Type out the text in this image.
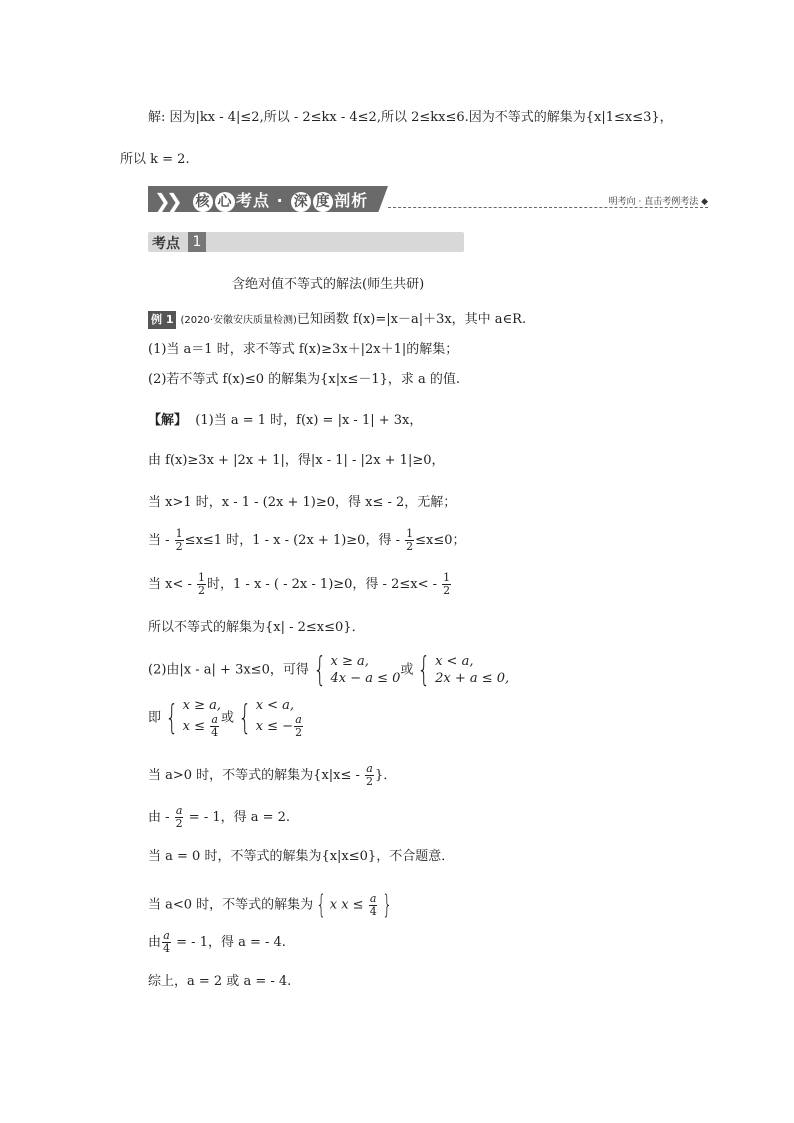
解: 因为|kx - 4|≤2,所以 - 2≤kx - 4≤2,所以 2≤kx≤6.因为不等式的解集为{x|1≤x≤3}，
所以 k = 2.
❯
❯ 核 心 考点 · 深 度 剖析	明考向 · 直击考例考法 ◆
考点 1
含绝对值不等式的解法(师生共研)
例 1 (2020·安徽安庆质量检测)已知函数 f(x)=|x－a|＋3x，其中 a∈R.
(1)当 a＝1 时，求不等式 f(x)≥3x＋|2x＋1|的解集；
(2)若不等式 f(x)≤0 的解集为{x|x≤－1}，求 a 的值.
【解】 (1)当 a = 1 时，f(x) = |x - 1| + 3x，
由 f(x)≥3x + |2x + 1|，得|x - 1| - |2x + 1|≥0，
当 x>1 时，x - 1 - (2x + 1)≥0，得 x≤ - 2，无解；
当 - $\frac{1}{2} \le x\le 1$ 时，1 - x - (2x + 1)≥0，得 - $\frac{1}{2} \le x\le 0$；
当 $x< - \frac{1}{2}$ 时，1 - x - ( - 2x - 1)≥0，得 - $2\le x< - \frac{1}{2}$
所以不等式的解集为{x| - 2≤x≤0}．
(2)由|x - a| + 3x≤0，可得 { x ≥ a,
4x − a ≤ 0
或 { x < a,
2x + a ≤ 0,
即 { x ≥ a,
$x \le \frac{a}{4}$ 或 { x < a,
x ≤ − $\frac{a}{2}$
当 a>0 时，不等式的解集为{$x|x\le - \frac{a}{2}$ }．
由 - $\frac{a}{2}$ = - 1，得 a = 2.
当 a = 0 时，不等式的解集为{x|x≤0}，不合题意．
当 a<0 时，不等式的解集为 { x $x \le \frac{a}{4}$ }
由 $\frac{a}{4}$ = - 1，得 a = - 4.
综上，a = 2 或 a = - 4.
